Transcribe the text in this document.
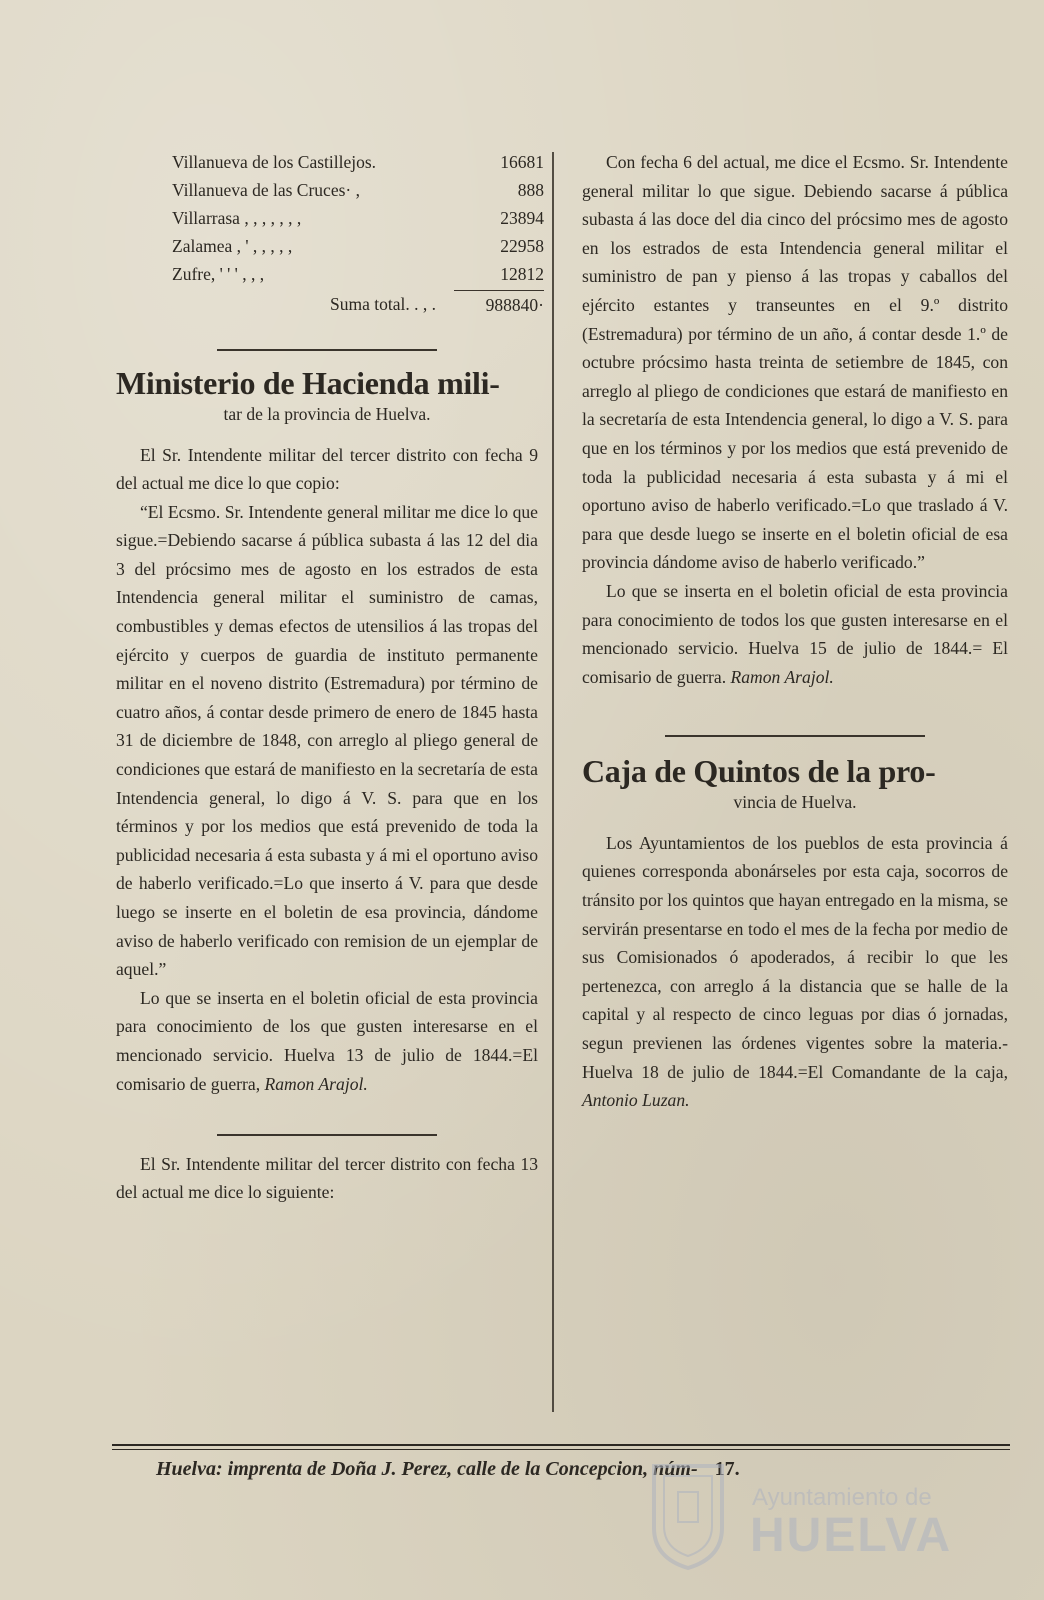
Villanueva de los Castillejos.	16681
Villanueva de las Cruces· ,	888
Villarrasa , , , , , , ,	23894
Zalamea , ' , , , , ,	22958
Zufre, ' ' ' , , ,	12812
Suma total. . , .	988840·
Ministerio de Hacienda mili-
tar de la provincia de Huelva.

El Sr. Intendente militar del tercer distrito con fecha 9 del actual me dice lo que copio:

“El Ecsmo. Sr. Intendente general militar me dice lo que sigue.=Debiendo sacarse á pública subasta á las 12 del dia 3 del prócsimo mes de agosto en los estrados de esta Intendencia general militar el suministro de camas, combustibles y demas efectos de utensilios á las tropas del ejército y cuerpos de guardia de instituto permanente militar en el noveno distrito (Estremadura) por término de cuatro años, á contar desde primero de enero de 1845 hasta 31 de diciembre de 1848, con arreglo al pliego general de condiciones que estará de manifiesto en la secretaría de esta Intendencia general, lo digo á V. S. para que en los términos y por los medios que está prevenido de toda la publicidad necesaria á esta subasta y á mi el oportuno aviso de haberlo verificado.=Lo que inserto á V. para que desde luego se inserte en el boletin de esa provincia, dándome aviso de haberlo verificado con remision de un ejemplar de aquel.”

Lo que se inserta en el boletin oficial de esta provincia para conocimiento de los que gusten interesarse en el mencionado servicio. Huelva 13 de julio de 1844.=El comisario de guerra, Ramon Arajol.

El Sr. Intendente militar del tercer distrito con fecha 13 del actual me dice lo siguiente:

Con fecha 6 del actual, me dice el Ecsmo. Sr. Intendente general militar lo que sigue. Debiendo sacarse á pública subasta á las doce del dia cinco del prócsimo mes de agosto en los estrados de esta Intendencia general militar el suministro de pan y pienso á las tropas y caballos del ejército estantes y transeuntes en el 9.º distrito (Estremadura) por término de un año, á contar desde 1.º de octubre prócsimo hasta treinta de setiembre de 1845, con arreglo al pliego de condiciones que estará de manifiesto en la secretaría de esta Intendencia general, lo digo a V. S. para que en los términos y por los medios que está prevenido de toda la publicidad necesaria á esta subasta y á mi el oportuno aviso de haberlo verificado.=Lo que traslado á V. para que desde luego se inserte en el boletin oficial de esa provincia dándome aviso de haberlo verificado.”

Lo que se inserta en el boletin oficial de esta provincia para conocimiento de todos los que gusten interesarse en el mencionado servicio. Huelva 15 de julio de 1844.= El comisario de guerra. Ramon Arajol.

Caja de Quintos de la pro-
vincia de Huelva.

Los Ayuntamientos de los pueblos de esta provincia á quienes corresponda abonárseles por esta caja, socorros de tránsito por los quintos que hayan entregado en la misma, se servirán presentarse en todo el mes de la fecha por medio de sus Comisionados ó apoderados, á recibir lo que les pertenezca, con arreglo á la distancia que se halle de la capital y al respecto de cinco leguas por dias ó jornadas, segun previenen las órdenes vigentes sobre la materia.-Huelva 18 de julio de 1844.=El Comandante de la caja, Antonio Luzan.

Huelva: imprenta de Doña J. Perez, calle de la Concepcion, núm- 17.
Ayuntamiento de
HUELVA
